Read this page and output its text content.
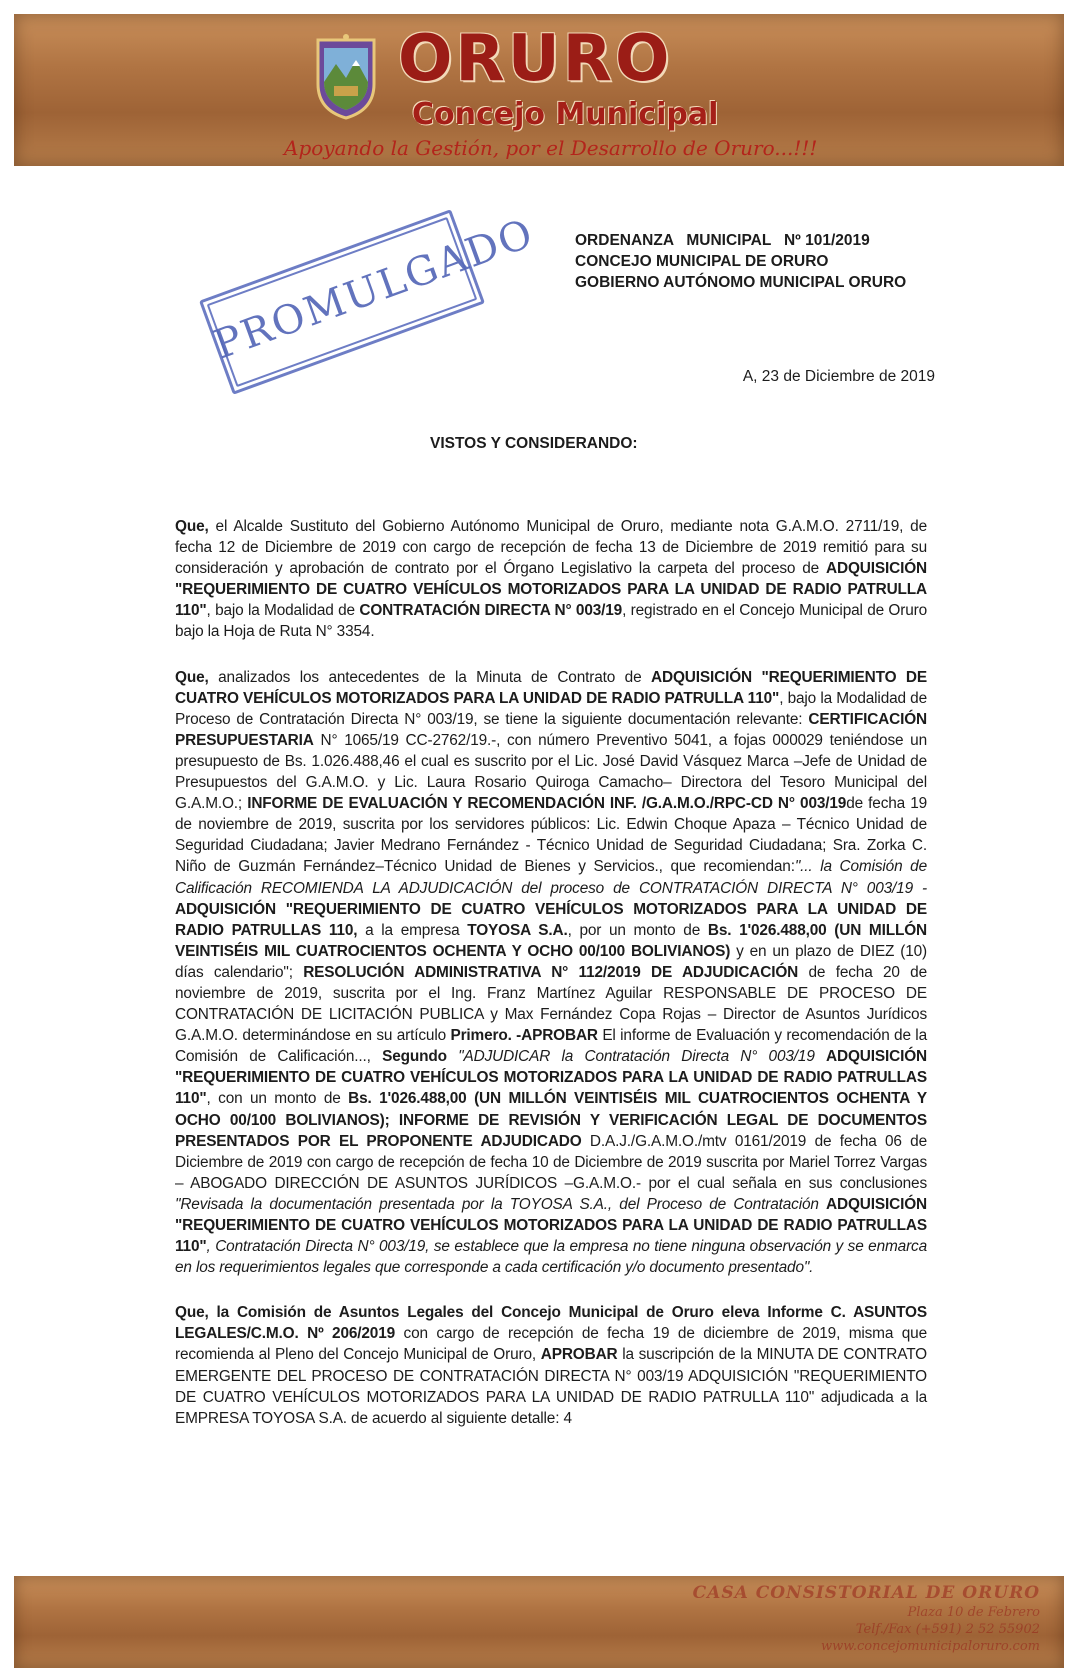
ORURO
Concejo Municipal
Apoyando la Gestión, por el Desarrollo de Oruro...!!!
ORDENANZA   MUNICIPAL   Nº 101/2019
CONCEJO MUNICIPAL DE ORURO
GOBIERNO AUTÓNOMO MUNICIPAL ORURO
PROMULGADO
A, 23 de Diciembre de 2019
VISTOS Y CONSIDERANDO:

Que, el Alcalde Sustituto del Gobierno Autónomo Municipal de Oruro, mediante nota G.A.M.O. 2711/19, de fecha 12 de Diciembre de 2019 con cargo de recepción de fecha 13 de Diciembre de 2019 remitió para su consideración y aprobación de contrato por el Órgano Legislativo la carpeta del proceso de ADQUISICIÓN "REQUERIMIENTO DE CUATRO VEHÍCULOS MOTORIZADOS PARA LA UNIDAD DE RADIO PATRULLA 110", bajo la Modalidad de CONTRATACIÓN DIRECTA N° 003/19, registrado en el Concejo Municipal de Oruro bajo la Hoja de Ruta N° 3354.

Que, analizados los antecedentes de la Minuta de Contrato de ADQUISICIÓN "REQUERIMIENTO DE CUATRO VEHÍCULOS MOTORIZADOS PARA LA UNIDAD DE RADIO PATRULLA 110", bajo la Modalidad de Proceso de Contratación Directa N° 003/19, se tiene la siguiente documentación relevante: CERTIFICACIÓN PRESUPUESTARIA N° 1065/19 CC-2762/19.-, con número Preventivo 5041, a fojas 000029 teniéndose un presupuesto de Bs. 1.026.488,46 el cual es suscrito por el Lic. José David Vásquez Marca –Jefe de Unidad de Presupuestos del G.A.M.O. y Lic. Laura Rosario Quiroga Camacho– Directora del Tesoro Municipal del G.A.M.O.; INFORME DE EVALUACIÓN Y RECOMENDACIÓN INF. /G.A.M.O./RPC-CD N° 003/19de fecha 19 de noviembre de 2019, suscrita por los servidores públicos: Lic. Edwin Choque Apaza – Técnico Unidad de Seguridad Ciudadana; Javier Medrano Fernández - Técnico Unidad de Seguridad Ciudadana; Sra. Zorka C. Niño de Guzmán Fernández–Técnico Unidad de Bienes y Servicios., que recomiendan:"... la Comisión de Calificación RECOMIENDA LA ADJUDICACIÓN del proceso de CONTRATACIÓN DIRECTA N° 003/19 - ADQUISICIÓN "REQUERIMIENTO DE CUATRO VEHÍCULOS MOTORIZADOS PARA LA UNIDAD DE RADIO PATRULLAS 110, a la empresa TOYOSA S.A., por un monto de Bs. 1'026.488,00 (UN MILLÓN VEINTISÉIS MIL CUATROCIENTOS OCHENTA Y OCHO 00/100 BOLIVIANOS) y en un plazo de DIEZ (10) días calendario"; RESOLUCIÓN ADMINISTRATIVA N° 112/2019 DE ADJUDICACIÓN de fecha 20 de noviembre de 2019, suscrita por el Ing. Franz Martínez Aguilar RESPONSABLE DE PROCESO DE CONTRATACIÓN DE LICITACIÓN PUBLICA y Max Fernández Copa Rojas – Director de Asuntos Jurídicos G.A.M.O. determinándose en su artículo Primero. -APROBAR El informe de Evaluación y recomendación de la Comisión de Calificación..., Segundo "ADJUDICAR la Contratación Directa N° 003/19 ADQUISICIÓN "REQUERIMIENTO DE CUATRO VEHÍCULOS MOTORIZADOS PARA LA UNIDAD DE RADIO PATRULLAS 110", con un monto de Bs. 1'026.488,00 (UN MILLÓN VEINTISÉIS MIL CUATROCIENTOS OCHENTA Y OCHO 00/100 BOLIVIANOS); INFORME DE REVISIÓN Y VERIFICACIÓN LEGAL DE DOCUMENTOS PRESENTADOS POR EL PROPONENTE ADJUDICADO D.A.J./G.A.M.O./mtv 0161/2019 de fecha 06 de Diciembre de 2019 con cargo de recepción de fecha 10 de Diciembre de 2019 suscrita por Mariel Torrez Vargas – ABOGADO DIRECCIÓN DE ASUNTOS JURÍDICOS –G.A.M.O.- por el cual señala en sus conclusiones "Revisada la documentación presentada por la TOYOSA S.A., del Proceso de Contratación ADQUISICIÓN "REQUERIMIENTO DE CUATRO VEHÍCULOS MOTORIZADOS PARA LA UNIDAD DE RADIO PATRULLAS 110", Contratación Directa N° 003/19, se establece que la empresa no tiene ninguna observación y se enmarca en los requerimientos legales que corresponde a cada certificación y/o documento presentado".

Que, la Comisión de Asuntos Legales del Concejo Municipal de Oruro eleva Informe C. ASUNTOS LEGALES/C.M.O. Nº 206/2019 con cargo de recepción de fecha 19 de diciembre de 2019, misma que recomienda al Pleno del Concejo Municipal de Oruro, APROBAR la suscripción de la MINUTA DE CONTRATO EMERGENTE DEL PROCESO DE CONTRATACIÓN DIRECTA N° 003/19 ADQUISICIÓN "REQUERIMIENTO DE CUATRO VEHÍCULOS MOTORIZADOS PARA LA UNIDAD DE RADIO PATRULLA 110" adjudicada a la EMPRESA TOYOSA S.A. de acuerdo al siguiente detalle: 4

CASA CONSISTORIAL DE ORURO
Plaza 10 de Febrero
Telf./Fax (+591) 2 52 55902
www.concejomunicipaloruro.com
